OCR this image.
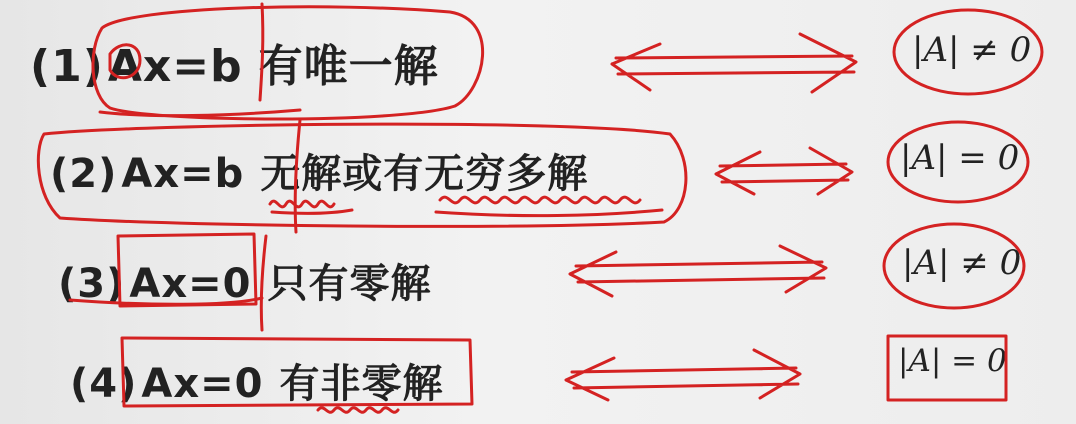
(1)Ax=b 有唯一解
(2) Ax=b 无解或有无穷多解
(3) Ax=0 只有零解
(4) Ax=0 有非零解
|A| ≠ 0
|A| = 0
|A| ≠ 0
|A| = 0
